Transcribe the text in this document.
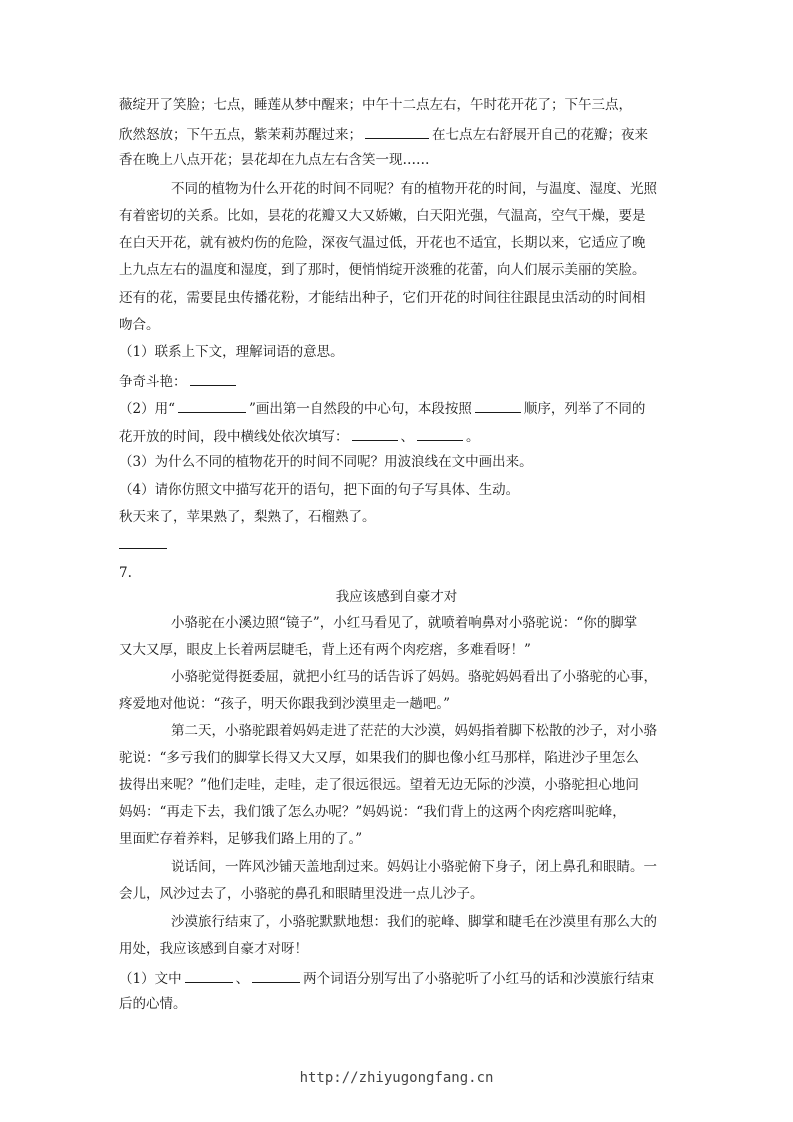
薇绽开了笑脸；七点，睡莲从梦中醒来；中午十二点左右，午时花开花了；下午三点，
欣然怒放；下午五点，紫茉莉苏醒过来；	在七点左右舒展开自己的花瓣；夜来
香在晚上八点开花；昙花却在九点左右含笑一现……
不同的植物为什么开花的时间不同呢？有的植物开花的时间，与温度、湿度、光照
有着密切的关系。比如，昙花的花瓣又大又娇嫩，白天阳光强，气温高，空气干燥，要是
在白天开花，就有被灼伤的危险，深夜气温过低，开花也不适宜，长期以来，它适应了晚
上九点左右的温度和湿度，到了那时，便悄悄绽开淡雅的花蕾，向人们展示美丽的笑脸。
还有的花，需要昆虫传播花粉，才能结出种子，它们开花的时间往往跟昆虫活动的时间相
吻合。
（1）联系上下文，理解词语的意思。
争奇斗艳：
（2）用“	”画出第一自然段的中心句，本段按照	顺序，列举了不同的
花开放的时间，段中横线处依次填写：	、	。
（3）为什么不同的植物花开的时间不同呢？用波浪线在文中画出来。
（4）请你仿照文中描写花开的语句，把下面的句子写具体、生动。
秋天来了，苹果熟了，梨熟了，石榴熟了。
7.
我应该感到自豪才对
小骆驼在小溪边照“镜子”，小红马看见了，就喷着响鼻对小骆驼说：“你的脚掌
又大又厚，眼皮上长着两层睫毛，背上还有两个肉疙瘩，多难看呀！”
小骆驼觉得挺委屈，就把小红马的话告诉了妈妈。骆驼妈妈看出了小骆驼的心事，
疼爱地对他说：“孩子，明天你跟我到沙漠里走一趟吧。”
第二天，小骆驼跟着妈妈走进了茫茫的大沙漠，妈妈指着脚下松散的沙子，对小骆
驼说：“多亏我们的脚掌长得又大又厚，如果我们的脚也像小红马那样，陷进沙子里怎么
拔得出来呢？”他们走哇，走哇，走了很远很远。望着无边无际的沙漠，小骆驼担心地问
妈妈：“再走下去，我们饿了怎么办呢？”妈妈说：“我们背上的这两个肉疙瘩叫驼峰，
里面贮存着养料，足够我们路上用的了。”
说话间，一阵风沙铺天盖地刮过来。妈妈让小骆驼俯下身子，闭上鼻孔和眼睛。一
会儿，风沙过去了，小骆驼的鼻孔和眼睛里没进一点儿沙子。
沙漠旅行结束了，小骆驼默默地想：我们的驼峰、脚掌和睫毛在沙漠里有那么大的
用处，我应该感到自豪才对呀！
（1）文中	、	两个词语分别写出了小骆驼听了小红马的话和沙漠旅行结束
后的心情。
http://zhiyugongfang.cn
